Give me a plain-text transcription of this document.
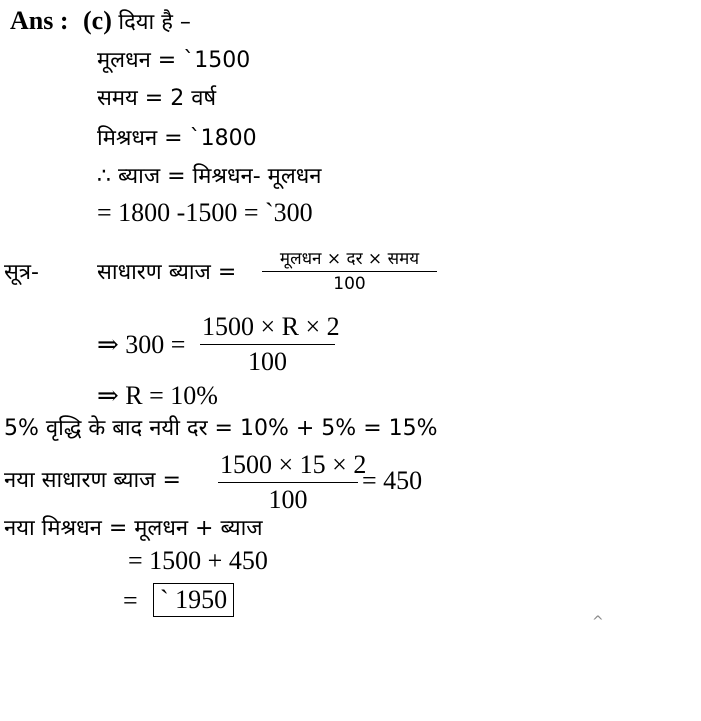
Ans : (c) दिया है –
मूलधन = `1500
समय = 2 वर्ष
मिश्रधन = `1800
∴ ब्याज = मिश्रधन- मूलधन
= 1800 -1500 = `300
सूत्र-	साधारण ब्याज =
मूलधन × दर × समय
100
⇒ $300 = \frac{1500 \times R \times 2}{100}$
⇒ R = 10%
5% वृद्धि के बाद नयी दर = 10% + 5% = 15%
नया साधारण ब्याज = $\frac{1500 \times 15 \times 2}{100} = 450$
नया मिश्रधन = मूलधन + ब्याज
= 1500 + 450
= ` 1950
^
